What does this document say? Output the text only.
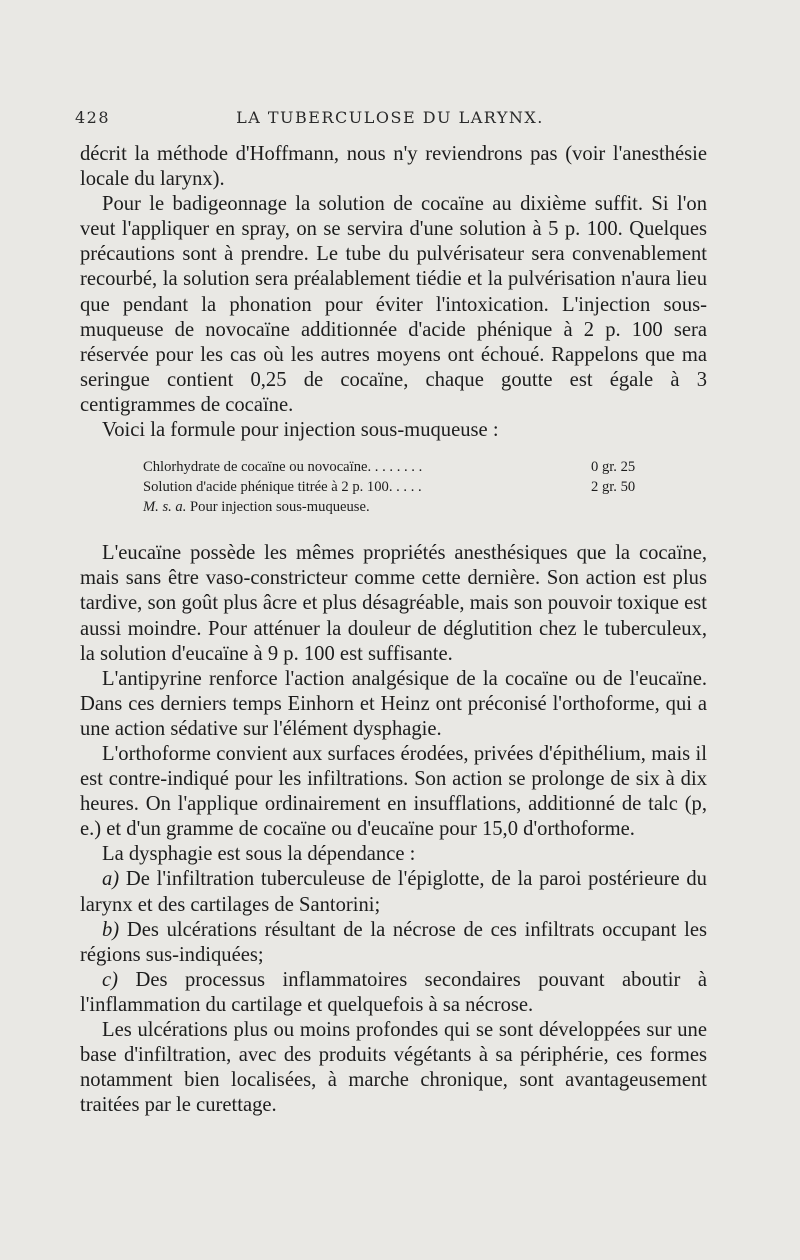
428	LA TUBERCULOSE DU LARYNX.

décrit la méthode d'Hoffmann, nous n'y reviendrons pas (voir l'anesthésie locale du larynx).

Pour le badigeonnage la solution de cocaïne au dixième suffit. Si l'on veut l'appliquer en spray, on se servira d'une solution à 5 p. 100. Quelques précautions sont à prendre. Le tube du pulvérisateur sera convenablement recourbé, la solution sera préalablement tiédie et la pulvérisation n'aura lieu que pendant la phonation pour éviter l'intoxication. L'injection sous-muqueuse de novocaïne additionnée d'acide phénique à 2 p. 100 sera réservée pour les cas où les autres moyens ont échoué. Rappelons que ma seringue contient 0,25 de cocaïne, chaque goutte est égale à 3 centigrammes de cocaïne.

Voici la formule pour injection sous-muqueuse :

Chlorhydrate de cocaïne ou novocaïne . . . . . . . .	0 gr. 25
Solution d'acide phénique titrée à 2 p. 100 . . . . .	2 gr. 50
M. s. a. Pour injection sous-muqueuse.

L'eucaïne possède les mêmes propriétés anesthésiques que la cocaïne, mais sans être vaso-constricteur comme cette dernière. Son action est plus tardive, son goût plus âcre et plus désagréable, mais son pouvoir toxique est aussi moindre. Pour atténuer la douleur de déglutition chez le tuberculeux, la solution d'eucaïne à 9 p. 100 est suffisante.

L'antipyrine renforce l'action analgésique de la cocaïne ou de l'eucaïne. Dans ces derniers temps Einhorn et Heinz ont préconisé l'orthoforme, qui a une action sédative sur l'élément dysphagie.

L'orthoforme convient aux surfaces érodées, privées d'épithélium, mais il est contre-indiqué pour les infiltrations. Son action se prolonge de six à dix heures. On l'applique ordinairement en insufflations, additionné de talc (p, e.) et d'un gramme de cocaïne ou d'eucaïne pour 15,0 d'orthoforme.

La dysphagie est sous la dépendance :

a) De l'infiltration tuberculeuse de l'épiglotte, de la paroi postérieure du larynx et des cartilages de Santorini;

b) Des ulcérations résultant de la nécrose de ces infiltrats occupant les régions sus-indiquées;

c) Des processus inflammatoires secondaires pouvant aboutir à l'inflammation du cartilage et quelquefois à sa nécrose.

Les ulcérations plus ou moins profondes qui se sont développées sur une base d'infiltration, avec des produits végétants à sa périphérie, ces formes notamment bien localisées, à marche chronique, sont avantageusement traitées par le curettage.
